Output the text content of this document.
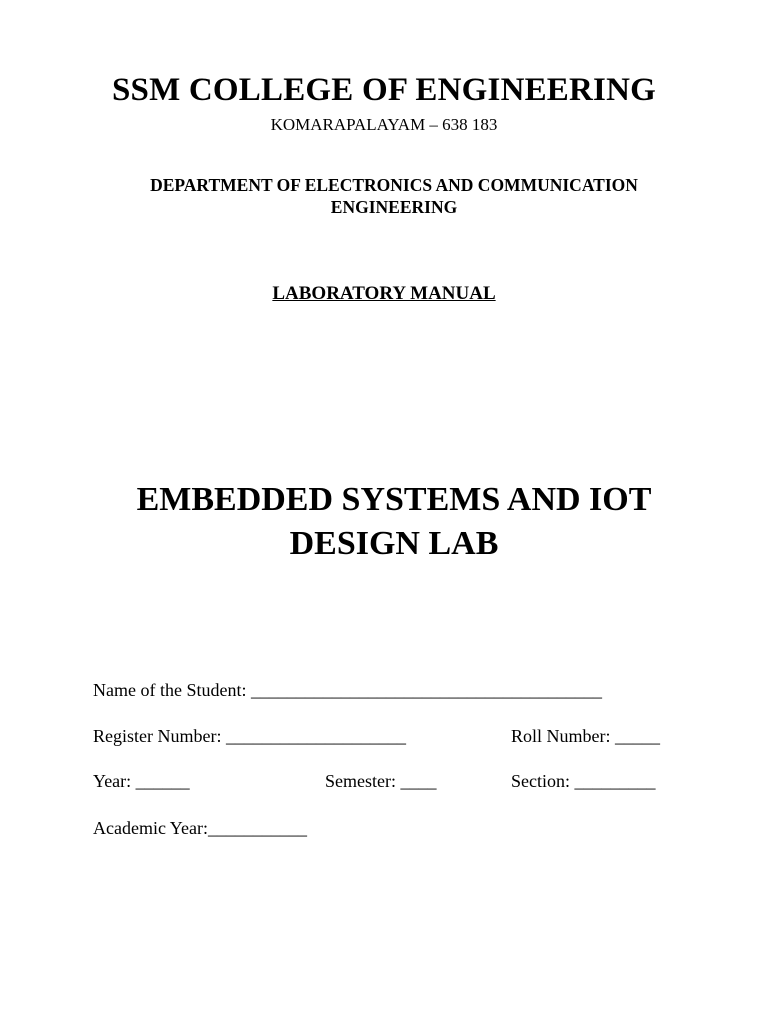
SSM COLLEGE OF ENGINEERING
KOMARAPALAYAM – 638 183
DEPARTMENT OF ELECTRONICS AND COMMUNICATION ENGINEERING
LABORATORY MANUAL
EMBEDDED SYSTEMS AND IOT DESIGN LAB
Name of the Student: _______________________________________
Register Number: ____________________	Roll Number: _____
Year: ______	Semester: ____	Section: _________
Academic Year:___________
